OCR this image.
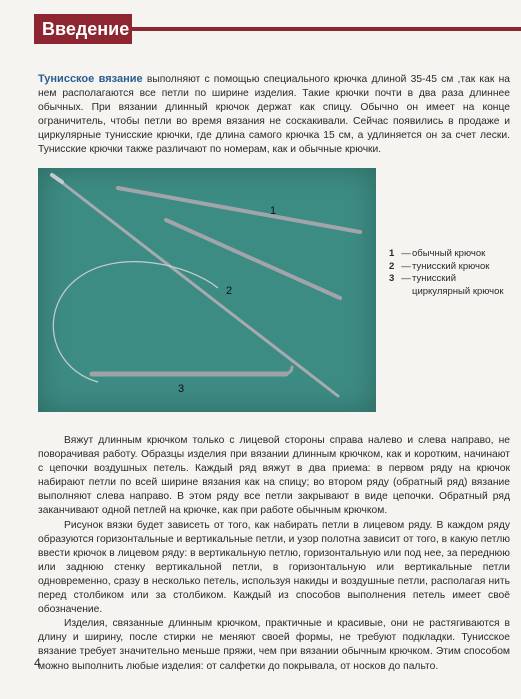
Введение

Тунисское вязание выполняют с помощью специального крючка длиной 35-45 см ,так как на нем располагаются все петли по ширине изделия. Такие крючки почти в два раза длиннее обычных. При вязании длинный крючок держат как спицу. Обычно он имеет на конце ограничитель, чтобы петли во время вязания не соскакивали. Сейчас появились в продаже и циркулярные тунисские крючки, где длина самого крючка 15 см, а удлиняется он за счет лески. Тунисские крючки также различают по номерам, как и обычные крючки.

1
2
3
1 — обычный крючок
2 — тунисский крючок
3 — тунисский циркулярный крючок

Вяжут длинным крючком только с лицевой стороны справа налево и слева направо, не поворачивая работу. Образцы изделия при вязании длинным крючком, как и коротким, начинают с цепочки воздушных петель. Каждый ряд вяжут в два приема: в первом ряду на крючок набирают петли по всей ширине вязания как на спицу; во втором ряду (обратный ряд) вязание выполняют слева направо. В этом ряду все петли закрывают в виде цепочки. Обратный ряд заканчивают одной петлей на крючке, как при работе обычным крючком.

Рисунок вязки будет зависеть от того, как набирать петли в лицевом ряду. В каждом ряду образуются горизонтальные и вертикальные петли, и узор полотна зависит от того, в какую петлю ввести крючок в лицевом ряду: в вертикальную петлю, горизонтальную или под нее, за переднюю или заднюю стенку вертикальной петли, в горизонтальную или вертикальные петли одновременно, сразу в несколько петель, используя накиды и воздушные петли, располагая нить перед столбиком или за столбиком. Каждый из способов выполнения петель имеет своё обозначение.

Изделия, связанные длинным крючком, практичные и красивые, они не растягиваются в длину и ширину, после стирки не меняют своей формы, не требуют подкладки. Тунисское вязание требует значительно меньше пряжи, чем при вязании обычным крючком. Этим способом можно выполнить любые изделия: от салфетки до покрывала, от носков до пальто.

4
